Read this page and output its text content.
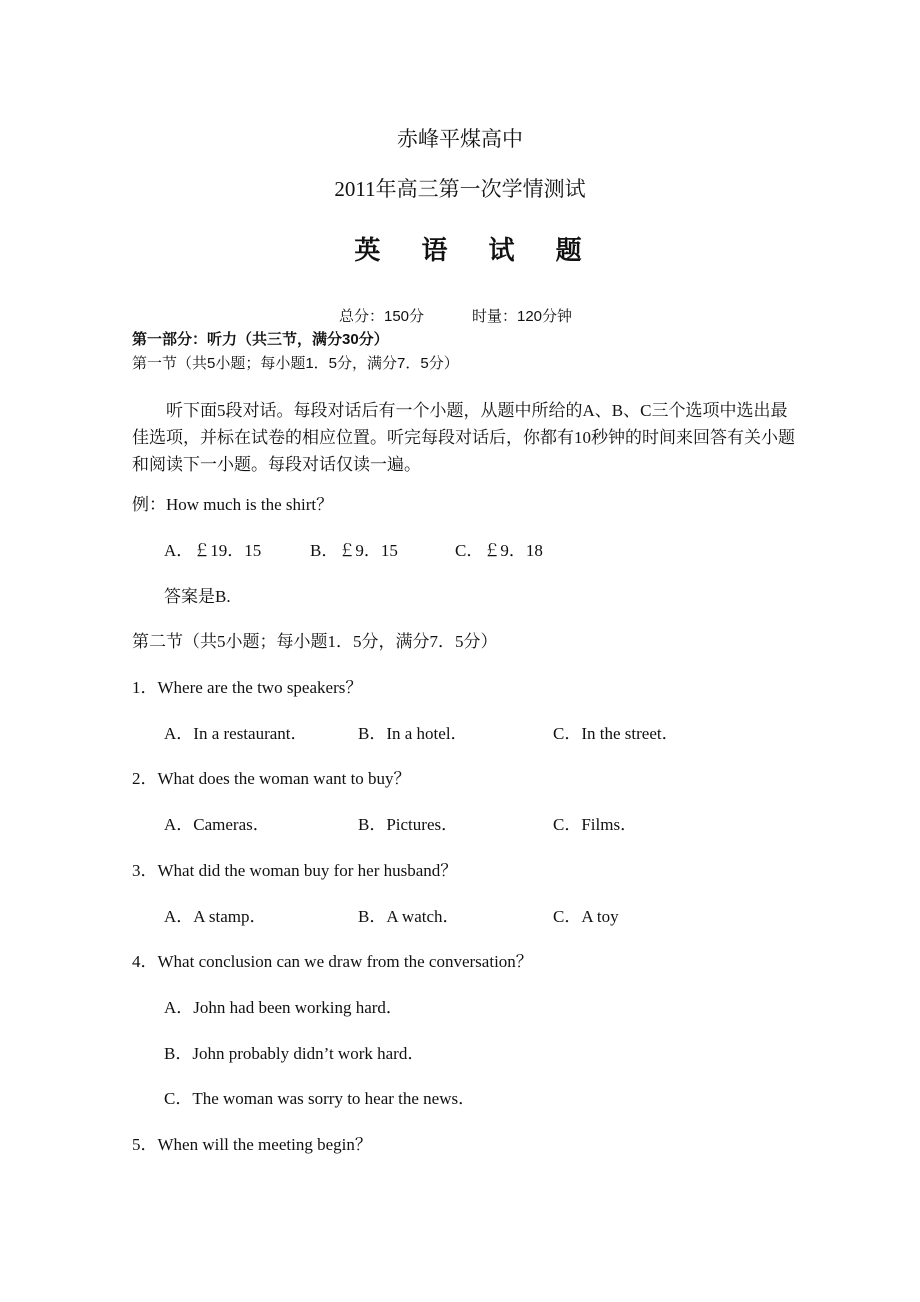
赤峰平煤高中
2011年高三第一次学情测试
英 语 试 题
总分：150分	时量：120分钟
第一部分：听力（共三节，满分30分）
第一节（共5小题；每小题1．5分，满分7．5分）
听下面5段对话。每段对话后有一个小题，从题中所给的A、B、C三个选项中选出最佳选项，并标在试卷的相应位置。听完每段对话后，你都有10秒钟的时间来回答有关小题和阅读下一小题。每段对话仅读一遍。
例：How much is the shirt？
A．￡19．15	B．￡9．15	C．￡9．18
答案是B.
第二节（共5小题；每小题1．5分，满分7．5分）
1．Where are the two speakers？
A．In a restaurant．	B．In a hotel．	C．In the street．
2．What does the woman want to buy？
A．Cameras．	B．Pictures．	C．Films．
3．What did the woman buy for her husband？
A．A stamp．	B．A watch．	C．A toy
4．What conclusion can we draw from the conversation？
A．John had been working hard．
B．John probably didn’t work hard．
C．The woman was sorry to hear the news．
5．When will the meeting begin？
